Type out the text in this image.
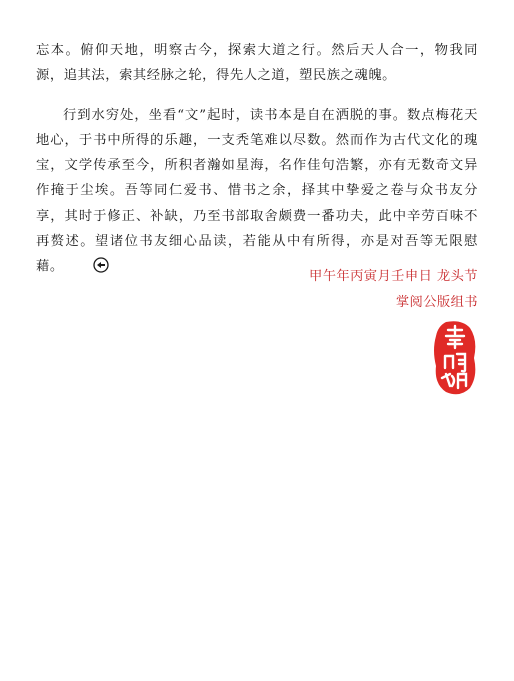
忘本。俯仰天地，明察古今，探索大道之行。然后天人合一，物我同源，追其法，索其经脉之轮，得先人之道，塑民族之魂魄。

行到水穷处，坐看“文”起时，读书本是自在洒脱的事。数点梅花天地心，于书中所得的乐趣，一支秃笔难以尽数。然而作为古代文化的瑰宝，文学传承至今，所积者瀚如星海，名作佳句浩繁，亦有无数奇文异作掩于尘埃。吾等同仁爱书、惜书之余，择其中挚爱之卷与众书友分享，其时于修正、补缺，乃至书部取舍颇费一番功夫，此中辛劳百味不再赘述。望诸位书友细心品读，若能从中有所得，亦是对吾等无限慰藉。

甲午年丙寅月壬申日 龙头节
掌阅公版组书
